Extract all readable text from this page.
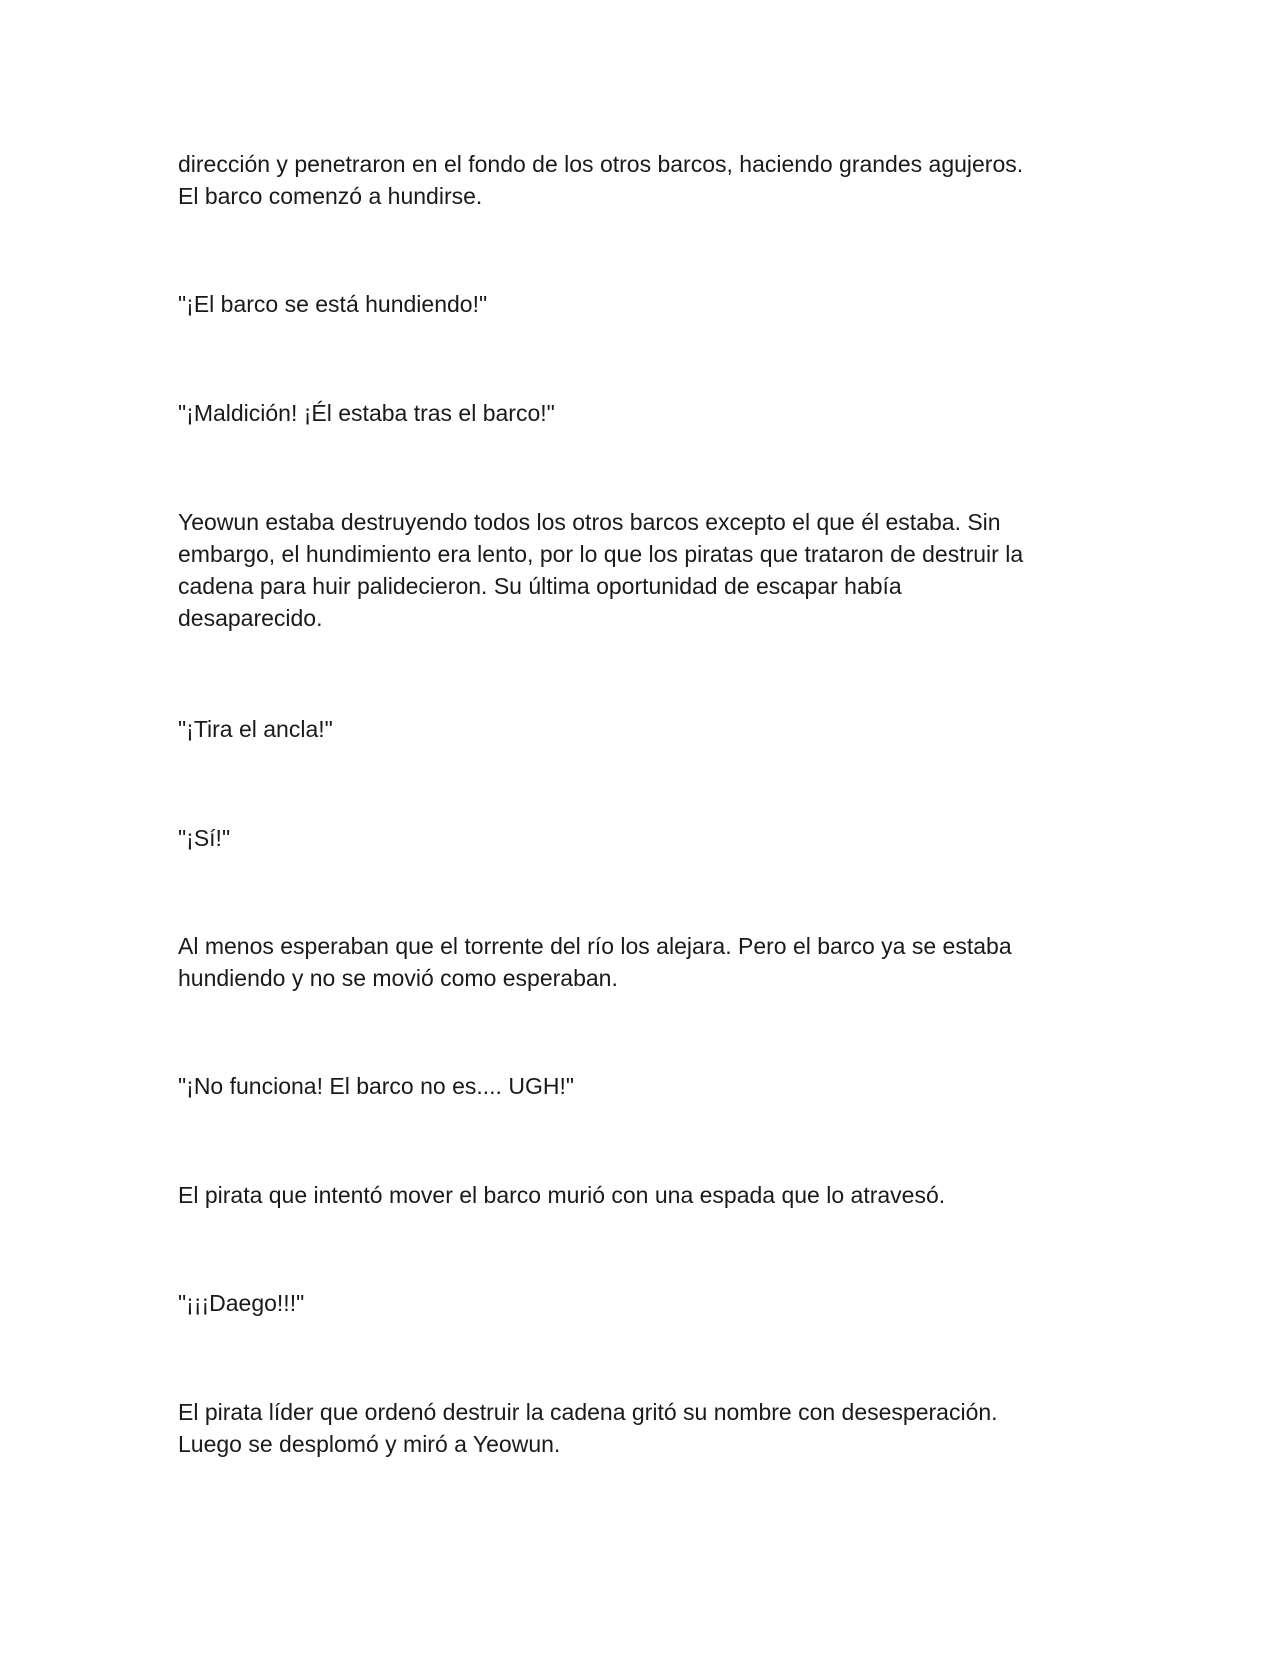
dirección y penetraron en el fondo de los otros barcos, haciendo grandes agujeros.
El barco comenzó a hundirse.

"¡El barco se está hundiendo!"

"¡Maldición! ¡Él estaba tras el barco!"

Yeowun estaba destruyendo todos los otros barcos excepto el que él estaba. Sin
embargo, el hundimiento era lento, por lo que los piratas que trataron de destruir la
cadena para huir palidecieron. Su última oportunidad de escapar había
desaparecido.

"¡Tira el ancla!"

"¡Sí!"

Al menos esperaban que el torrente del río los alejara. Pero el barco ya se estaba
hundiendo y no se movió como esperaban.

"¡No funciona! El barco no es.... UGH!"

El pirata que intentó mover el barco murió con una espada que lo atravesó.

"¡¡¡Daego!!!"

El pirata líder que ordenó destruir la cadena gritó su nombre con desesperación.
Luego se desplomó y miró a Yeowun.
